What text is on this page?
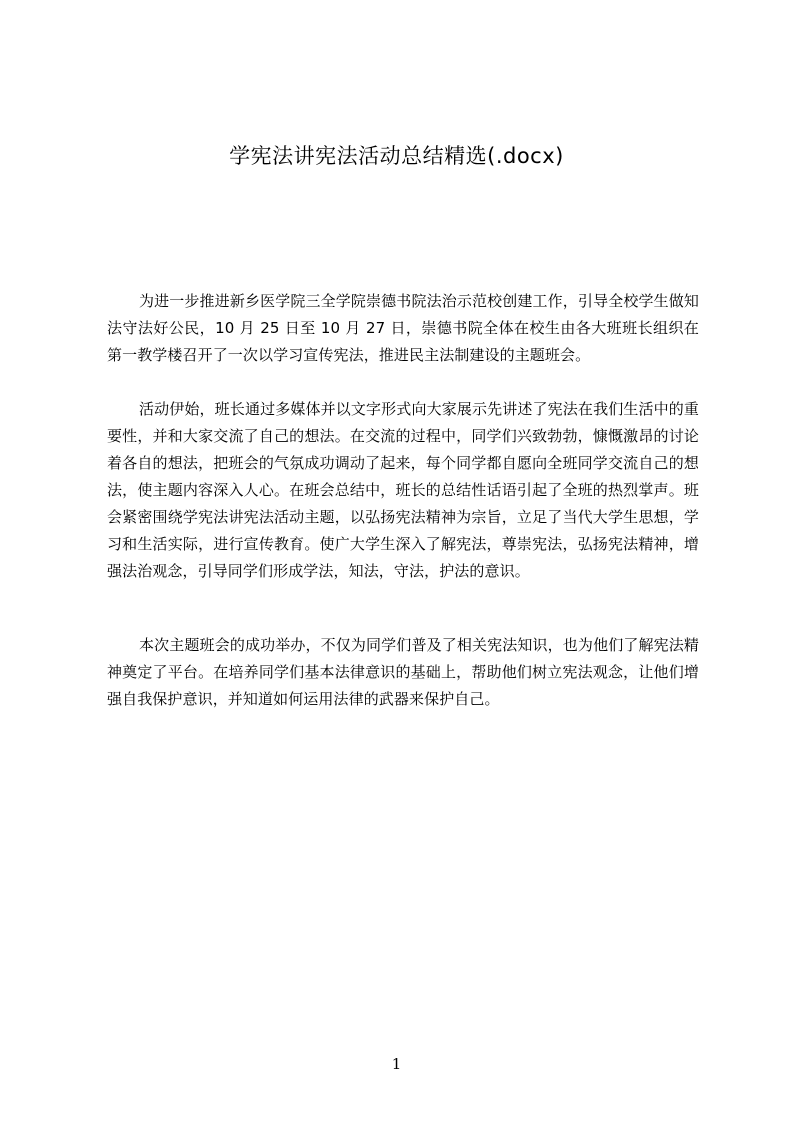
学宪法讲宪法活动总结精选(.docx)

为进一步推进新乡医学院三全学院崇德书院法治示范校创建工作，引导全校学生做知法守法好公民，10 月 25 日至 10 月 27 日，崇德书院全体在校生由各大班班长组织在第一教学楼召开了一次以学习宣传宪法，推进民主法制建设的主题班会。

活动伊始，班长通过多媒体并以文字形式向大家展示先讲述了宪法在我们生活中的重要性，并和大家交流了自己的想法。在交流的过程中，同学们兴致勃勃，慷慨激昂的讨论着各自的想法，把班会的气氛成功调动了起来，每个同学都自愿向全班同学交流自己的想法，使主题内容深入人心。在班会总结中，班长的总结性话语引起了全班的热烈掌声。班会紧密围绕学宪法讲宪法活动主题，以弘扬宪法精神为宗旨，立足了当代大学生思想，学习和生活实际，进行宣传教育。使广大学生深入了解宪法，尊崇宪法，弘扬宪法精神，增强法治观念，引导同学们形成学法，知法，守法，护法的意识。

本次主题班会的成功举办，不仅为同学们普及了相关宪法知识，也为他们了解宪法精神奠定了平台。在培养同学们基本法律意识的基础上，帮助他们树立宪法观念，让他们增强自我保护意识，并知道如何运用法律的武器来保护自己。

1
